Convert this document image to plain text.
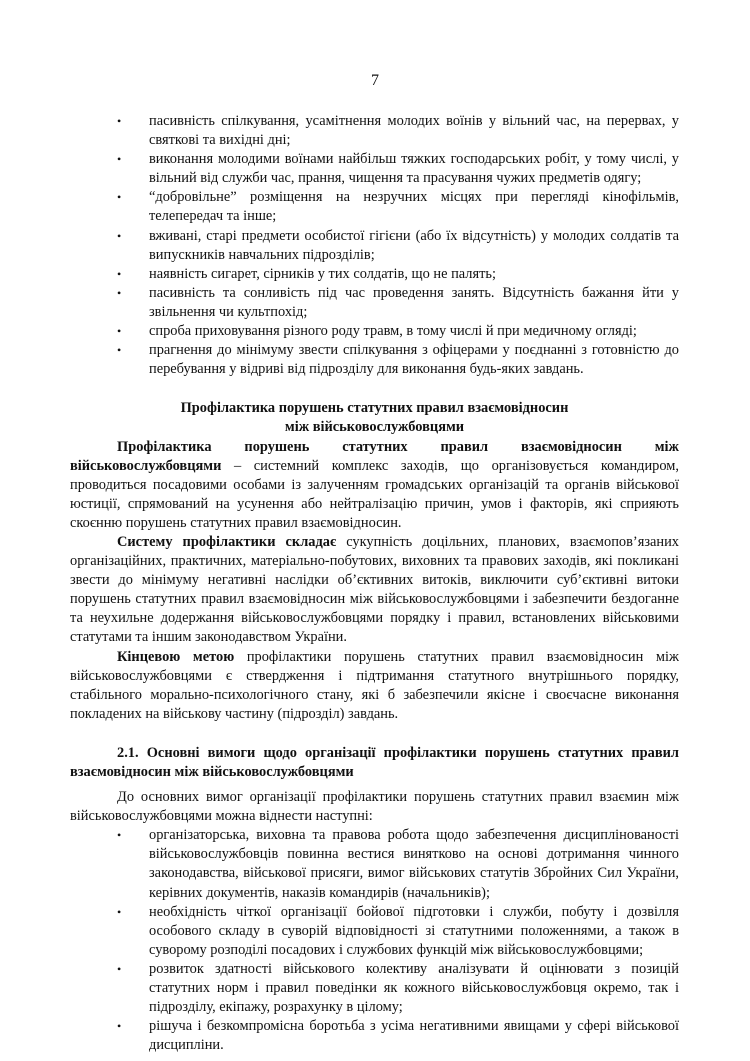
7

• пасивність спілкування, усамітнення молодих воїнів у вільний час, на перервах, у святкові та вихідні дні;

• виконання молодими воїнами найбільш тяжких господарських робіт, у тому числі, у вільний від служби час, прання, чищення та прасування чужих предметів одягу;

• “добровільне” розміщення на незручних місцях при перегляді кінофільмів, телепередач та інше;

• вживані, старі предмети особистої гігієни (або їх відсутність) у молодих солдатів та випускників навчальних підрозділів;

• наявність сигарет, сірників у тих солдатів, що не палять;

• пасивність та сонливість під час проведення занять. Відсутність бажання йти у звільнення чи культпохід;

• спроба приховування різного роду травм, в тому числі й при медичному огляді;

• прагнення до мінімуму звести спілкування з офіцерами у поєднанні з готовністю до перебування у відриві від підрозділу для виконання будь-яких завдань.

Профілактика порушень статутних правил взаємовідносин
між військовослужбовцями

Профілактика порушень статутних правил взаємовідносин між військовослужбовцями – системний комплекс заходів, що організовується командиром, проводиться посадовими особами із залученням громадських організацій та органів військової юстиції, спрямований на усунення або нейтралізацію причин, умов і факторів, які сприяють скоєнню порушень статутних правил взаємовідносин.

Систему профілактики складає сукупність доцільних, планових, взаємопов’язаних організаційних, практичних, матеріально-побутових, виховних та правових заходів, які покликані звести до мінімуму негативні наслідки об’єктивних витоків, виключити суб’єктивні витоки порушень статутних правил взаємовідносин між військовослужбовцями і забезпечити бездоганне та неухильне додержання військовослужбовцями порядку і правил, встановлених військовими статутами та іншим законодавством України.

Кінцевою метою профілактики порушень статутних правил взаємовідносин між військовослужбовцями є ствердження і підтримання статутного внутрішнього порядку, стабільного морально-психологічного стану, які б забезпечили якісне і своєчасне виконання покладених на військову частину (підрозділ) завдань.

2.1. Основні вимоги щодо організації профілактики порушень статутних правил взаємовідносин між військовослужбовцями

До основних вимог організації профілактики порушень статутних правил взаємин між військовослужбовцями можна віднести наступні:

• організаторська, виховна та правова робота щодо забезпечення дисциплінованості військовослужбовців повинна вестися винятково на основі дотримання чинного законодавства, військової присяги, вимог військових статутів Збройних Сил України, керівних документів, наказів командирів (начальників);

• необхідність чіткої організації бойової підготовки і служби, побуту і дозвілля особового складу в суворій відповідності зі статутними положеннями, а також в суворому розподілі посадових і службових функцій між військовослужбовцями;

• розвиток здатності військового колективу аналізувати й оцінювати з позицій статутних норм і правил поведінки як кожного військовослужбовця окремо, так і підрозділу, екіпажу, розрахунку в цілому;

• рішуча і безкомпромісна боротьба з усіма негативними явищами у сфері військової дисципліни.
